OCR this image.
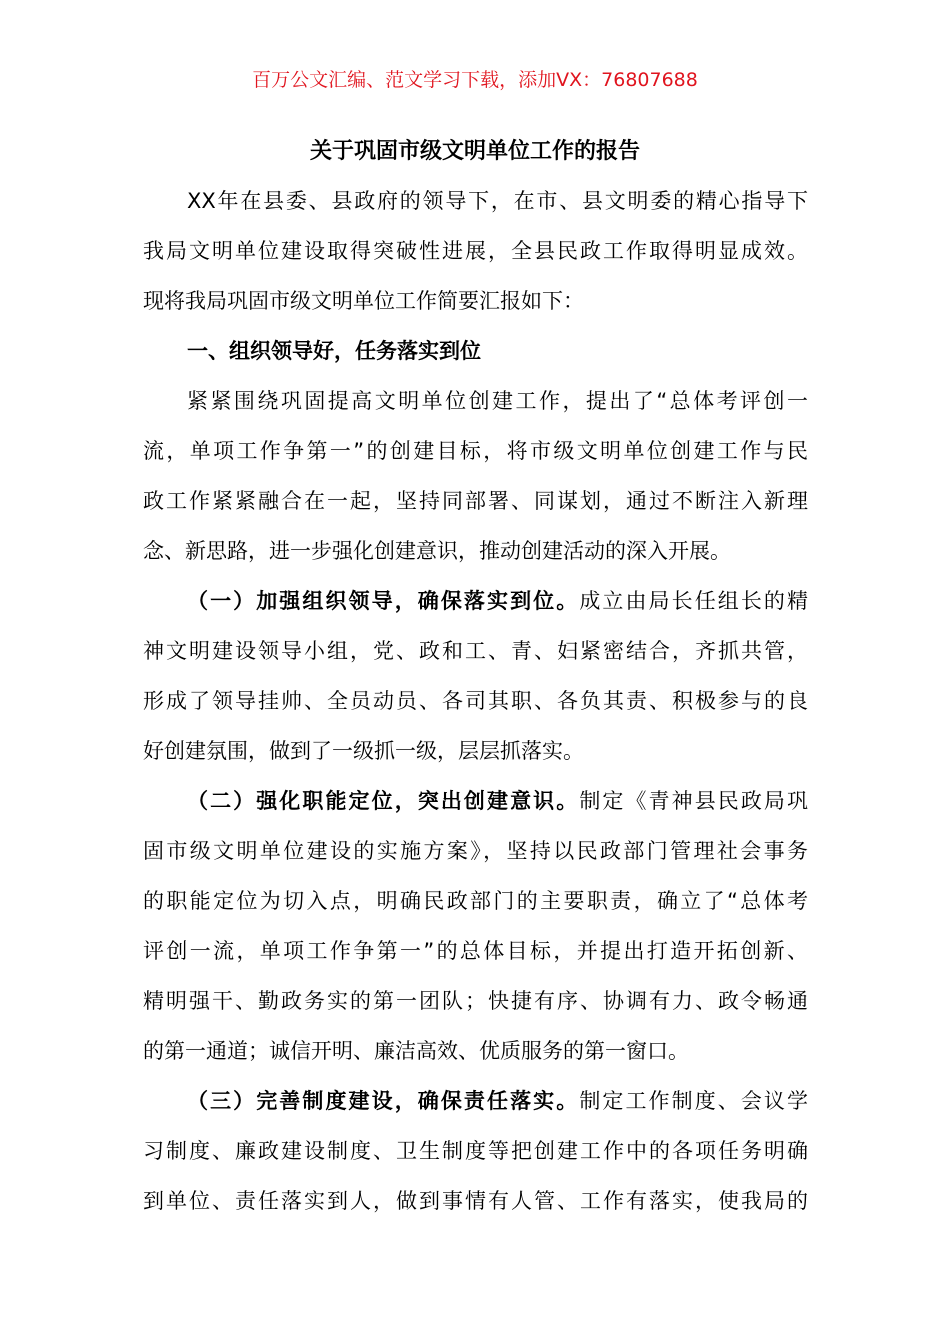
百万公文汇编、范文学习下载，添加VX：76807688
关于巩固市级文明单位工作的报告
XX年在县委、县政府的领导下，在市、县文明委的精心指导下
我局文明单位建设取得突破性进展，全县民政工作取得明显成效。
现将我局巩固市级文明单位工作简要汇报如下：
一、组织领导好，任务落实到位
紧紧围绕巩固提高文明单位创建工作，提出了“总体考评创一
流，单项工作争第一”的创建目标，将市级文明单位创建工作与民
政工作紧紧融合在一起，坚持同部署、同谋划，通过不断注入新理
念、新思路，进一步强化创建意识，推动创建活动的深入开展。
（一）加强组织领导，确保落实到位。成立由局长任组长的精
神文明建设领导小组，党、政和工、青、妇紧密结合，齐抓共管，
形成了领导挂帅、全员动员、各司其职、各负其责、积极参与的良
好创建氛围，做到了一级抓一级，层层抓落实。
（二）强化职能定位，突出创建意识。制定《青神县民政局巩
固市级文明单位建设的实施方案》，坚持以民政部门管理社会事务
的职能定位为切入点，明确民政部门的主要职责，确立了“总体考
评创一流，单项工作争第一”的总体目标，并提出打造开拓创新、
精明强干、勤政务实的第一团队；快捷有序、协调有力、政令畅通
的第一通道；诚信开明、廉洁高效、优质服务的第一窗口。
（三）完善制度建设，确保责任落实。制定工作制度、会议学
习制度、廉政建设制度、卫生制度等把创建工作中的各项任务明确
到单位、责任落实到人，做到事情有人管、工作有落实，使我局的
